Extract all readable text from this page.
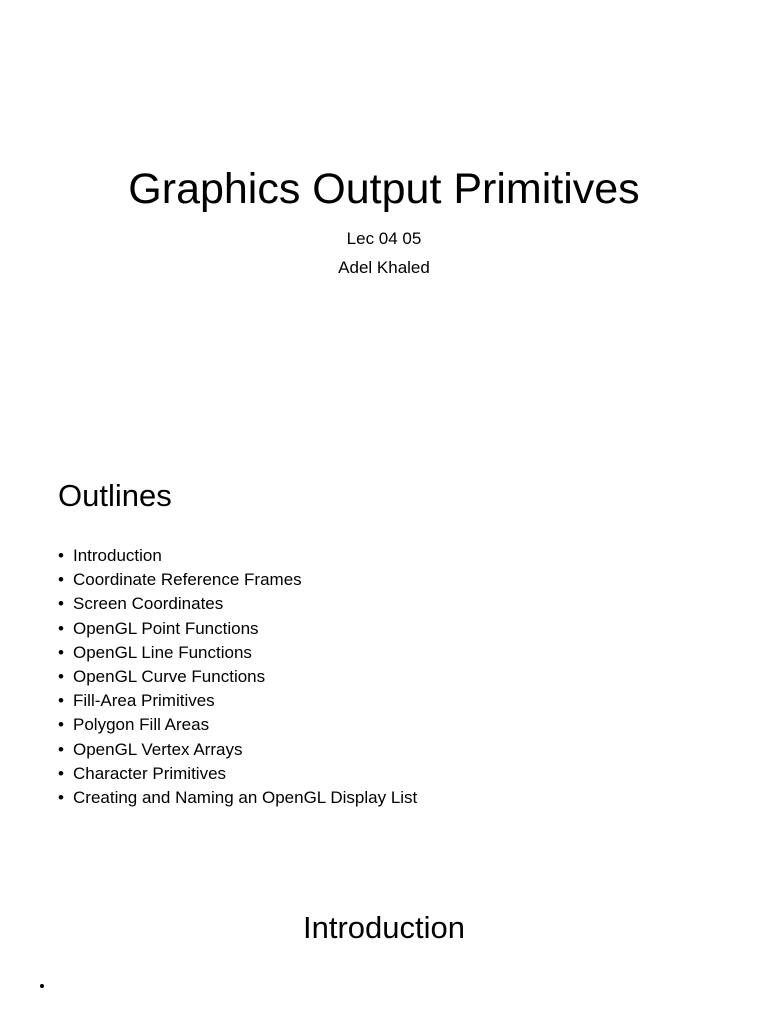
Graphics Output Primitives
Lec 04 05
Adel Khaled
Outlines
• Introduction
• Coordinate Reference Frames
• Screen Coordinates
• OpenGL Point Functions
• OpenGL Line Functions
• OpenGL Curve Functions
• Fill-Area Primitives
• Polygon Fill Areas
• OpenGL Vertex Arrays
• Character Primitives
• Creating and Naming an OpenGL Display List
Introduction
